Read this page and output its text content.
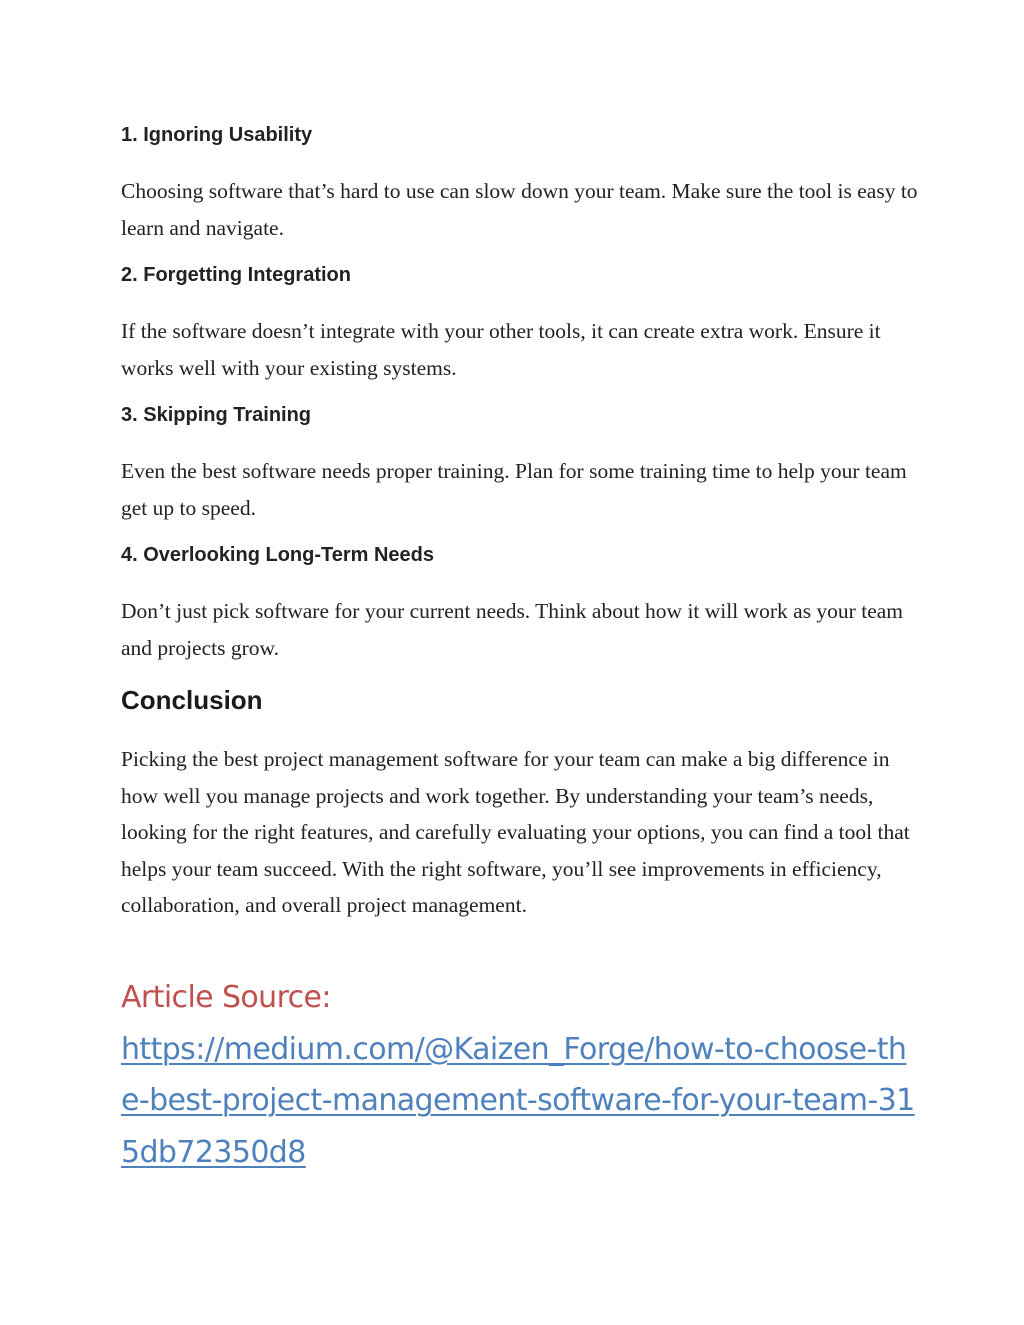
1. Ignoring Usability

Choosing software that’s hard to use can slow down your team. Make sure the tool is easy to learn and navigate.

2. Forgetting Integration

If the software doesn’t integrate with your other tools, it can create extra work. Ensure it works well with your existing systems.

3. Skipping Training

Even the best software needs proper training. Plan for some training time to help your team get up to speed.

4. Overlooking Long-Term Needs

Don’t just pick software for your current needs. Think about how it will work as your team and projects grow.

Conclusion

Picking the best project management software for your team can make a big difference in how well you manage projects and work together. By understanding your team’s needs, looking for the right features, and carefully evaluating your options, you can find a tool that helps your team succeed. With the right software, you’ll see improvements in efficiency, collaboration, and overall project management.

Article Source:
https://medium.com/@Kaizen_Forge/how-to-choose-the-best-project-management-software-for-your-team-315db72350d8
